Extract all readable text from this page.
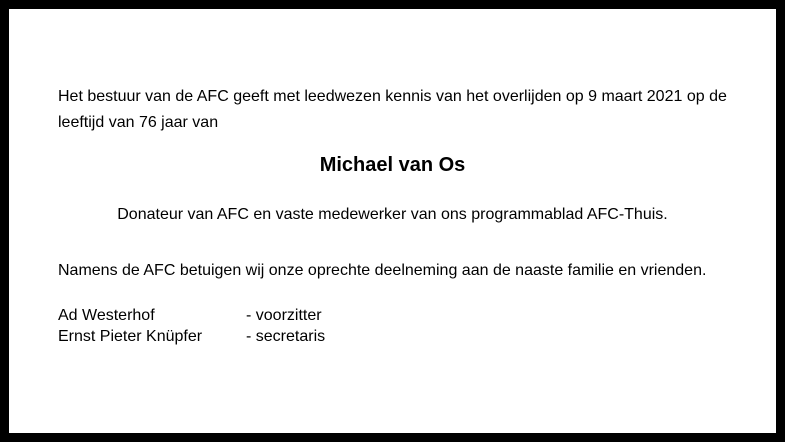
Het bestuur van de AFC geeft met leedwezen kennis van het overlijden op 9 maart 2021 op de leeftijd van 76 jaar van

Michael van Os

Donateur van AFC en vaste medewerker van ons programmablad AFC-Thuis.

Namens de AFC betuigen wij onze oprechte deelneming aan de naaste familie en vrienden.

Ad Westerhof	- voorzitter
Ernst Pieter Knüpfer	- secretaris
